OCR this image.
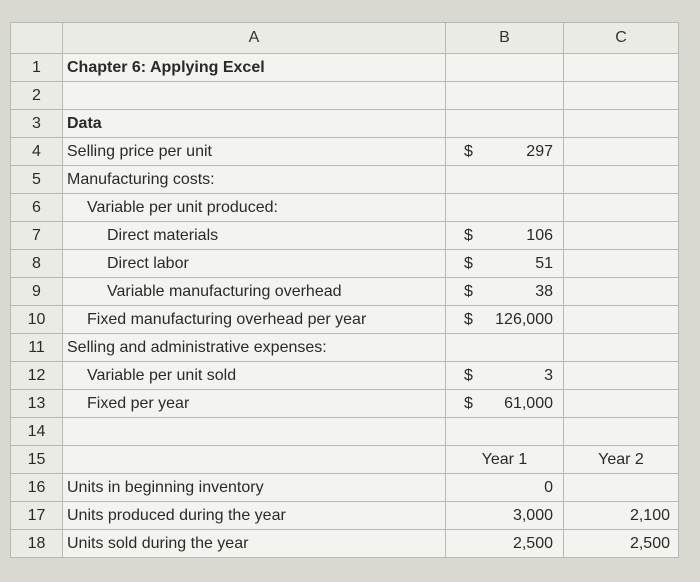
	A	B	C
1	Chapter 6: Applying Excel		
2			
3	Data		
4	Selling price per unit	$ 297	

5	Manufacturing costs:		
6	Variable per unit produced:		
7	Direct materials	$ 106	

8	Direct labor	$ 51	

9	Variable manufacturing overhead	$ 38	

10	Fixed manufacturing overhead per year	$ 126,000	

11	Selling and administrative expenses:		
12	Variable per unit sold	$ 3	

13	Fixed per year	$ 61,000	

14			
15		Year 1	Year 2
16	Units in beginning inventory	0	

17	Units produced during the year	3,000	2,100
18	Units sold during the year	2,500	2,500
